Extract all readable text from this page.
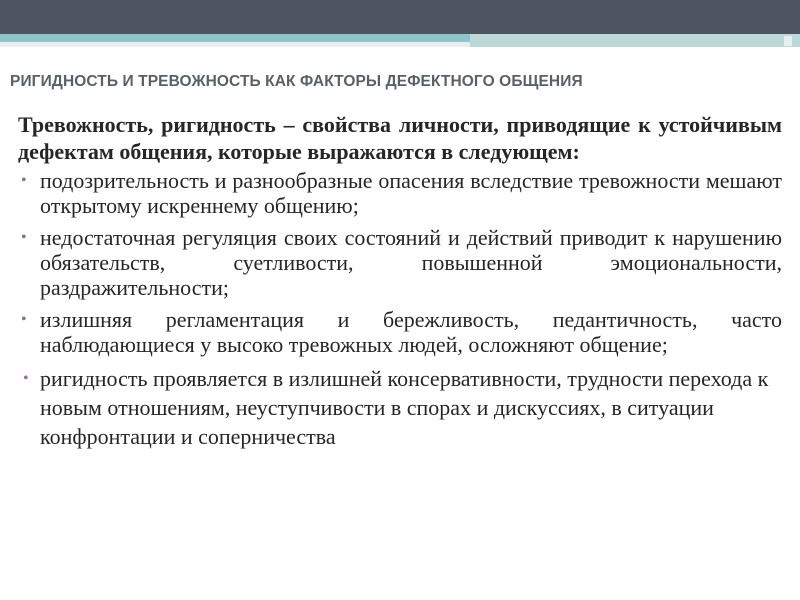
РИГИДНОСТЬ И ТРЕВОЖНОСТЬ КАК ФАКТОРЫ ДЕФЕКТНОГО ОБЩЕНИЯ

Тревожность, ригидность – свойства личности, приводящие к устойчивым дефектам общения, которые выражаются в следующем:

• подозрительность и разнообразные опасения вследствие тревожности мешают открытому искреннему общению;
• недостаточная регуляция своих состояний и действий приводит к нарушению обязательств, суетливости, повышенной эмоциональности, раздражительности;
• излишняя регламентация и бережливость, педантичность, часто наблюдающиеся у высоко тревожных людей, осложняют общение;
• ригидность проявляется в излишней консервативности, трудности перехода к новым отношениям, неуступчивости в спорах и дискуссиях, в ситуации конфронтации и соперничества
